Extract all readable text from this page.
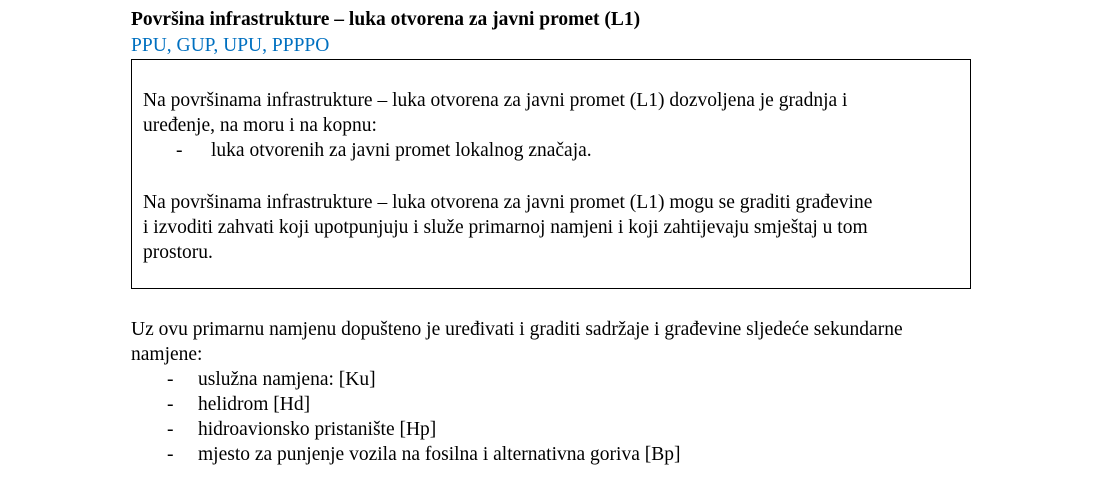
Površina infrastrukture – luka otvorena za javni promet (L1)
PPU, GUP, UPU, PPPPO
Na površinama infrastrukture – luka otvorena za javni promet (L1) dozvoljena je gradnja i
uređenje, na moru i na kopnu:
- luka otvorenih za javni promet lokalnog značaja.
Na površinama infrastrukture – luka otvorena za javni promet (L1) mogu se graditi građevine
i izvoditi zahvati koji upotpunjuju i služe primarnoj namjeni i koji zahtijevaju smještaj u tom
prostoru.
Uz ovu primarnu namjenu dopušteno je uređivati i graditi sadržaje i građevine sljedeće sekundarne
namjene:
- uslužna namjena: [Ku]
- helidrom [Hd]
- hidroavionsko pristanište [Hp]
- mjesto za punjenje vozila na fosilna i alternativna goriva [Bp]
